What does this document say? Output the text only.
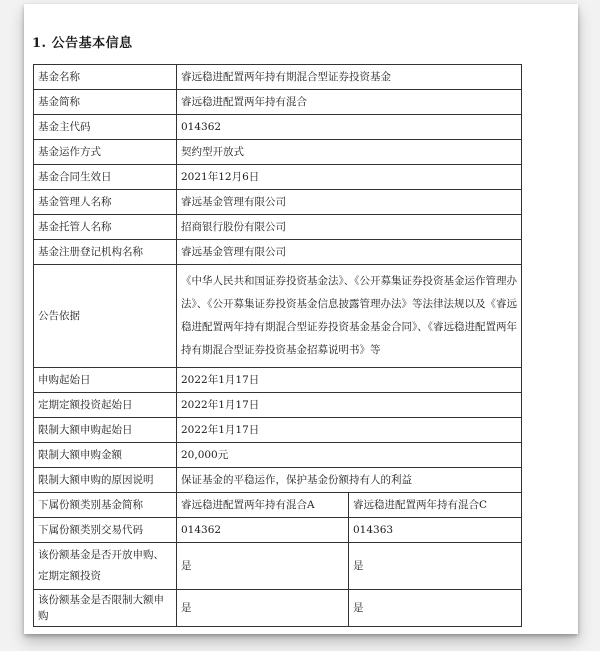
1. 公告基本信息
基金名称	睿远稳进配置两年持有期混合型证券投资基金	
基金简称	睿远稳进配置两年持有混合	
基金主代码	014362	
基金运作方式	契约型开放式	
基金合同生效日	2021年12月6日	
基金管理人名称	睿远基金管理有限公司	
基金托管人名称	招商银行股份有限公司	
基金注册登记机构名称	睿远基金管理有限公司	
公告依据	《中华人民共和国证券投资基金法》、《公开募集证券投资基金运作管理办法》、《公开募集证券投资基金信息披露管理办法》等法律法规以及《睿远稳进配置两年持有期混合型证券投资基金基金合同》、《睿远稳进配置两年持有期混合型证券投资基金招募说明书》等	
申购起始日	2022年1月17日	
定期定额投资起始日	2022年1月17日	
限制大额申购起始日	2022年1月17日	
限制大额申购金额	20,000元	
限制大额申购的原因说明	保证基金的平稳运作，保护基金份额持有人的利益	
下属份额类别基金简称	睿远稳进配置两年持有混合A	睿远稳进配置两年持有混合C
下属份额类别交易代码	014362	014363
该份额基金是否开放申购、定期定额投资	是	是
该份额基金是否限制大额申购	是	是
